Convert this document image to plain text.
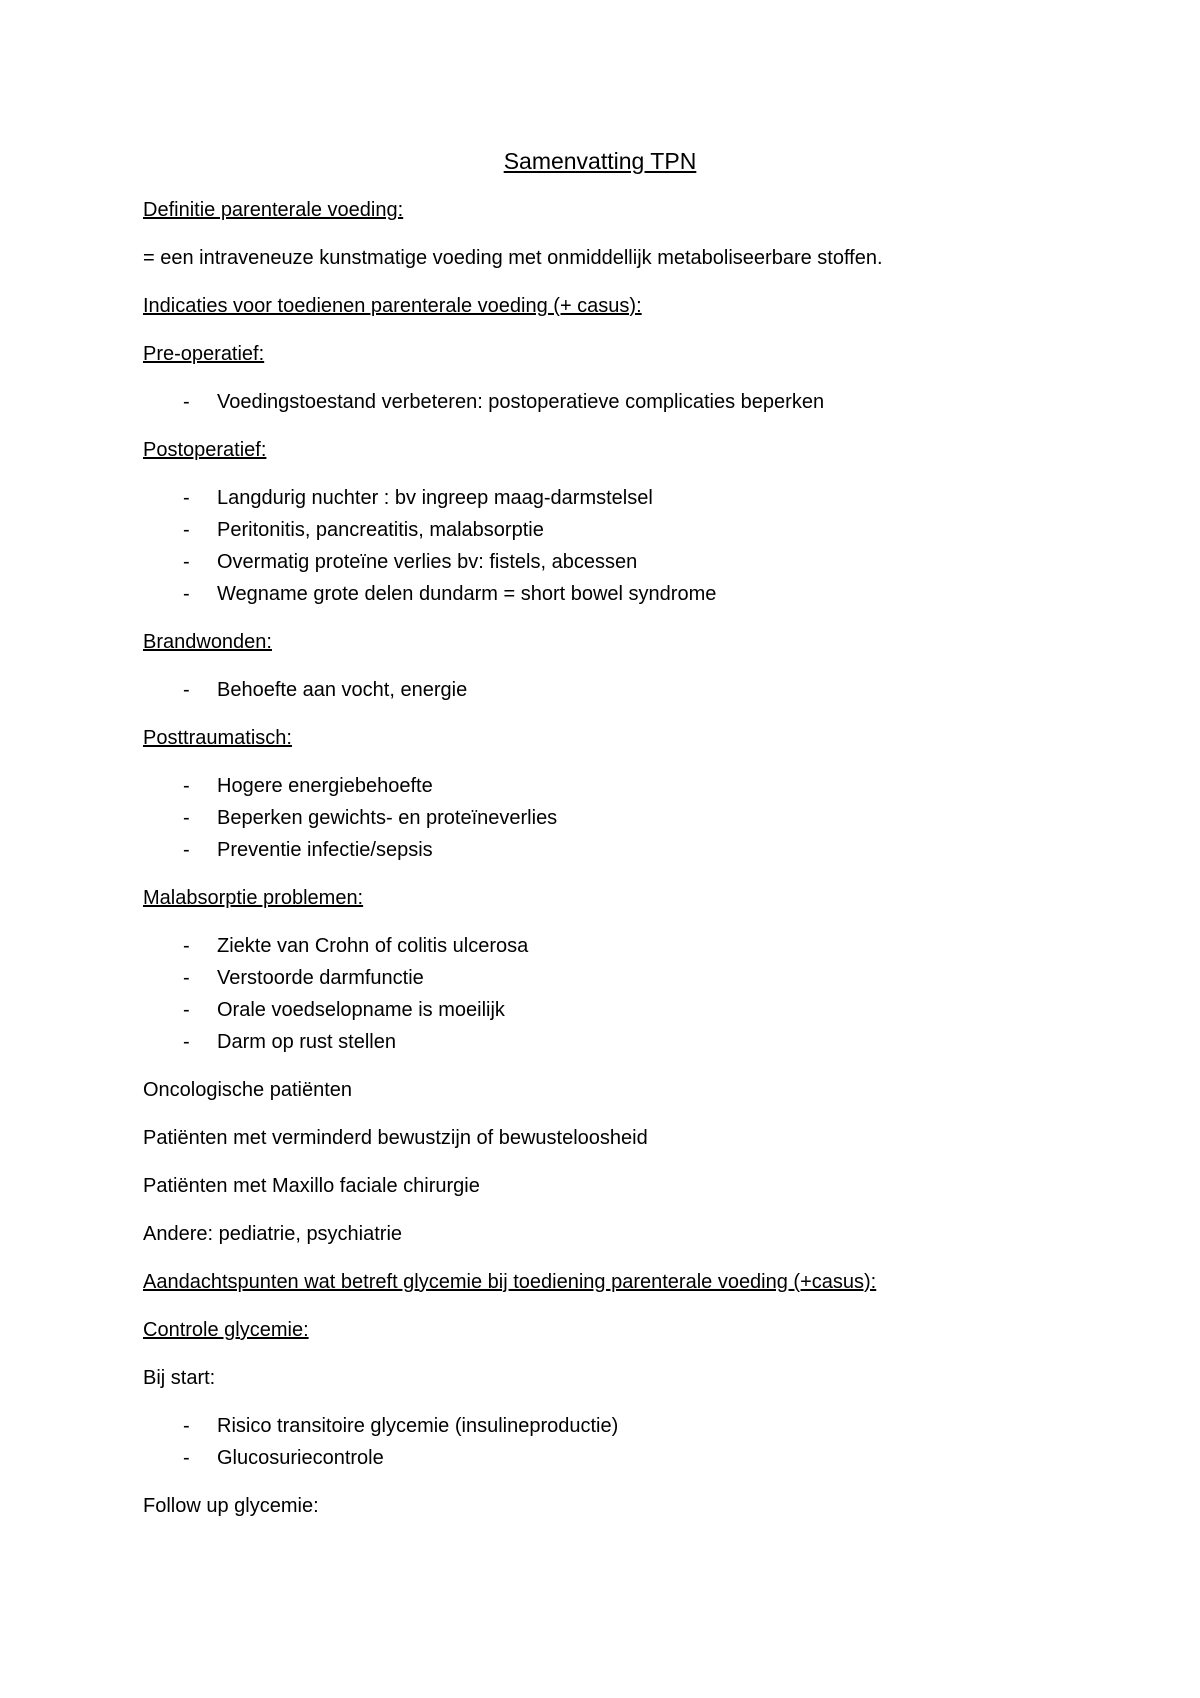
Samenvatting TPN
Definitie parenterale voeding:
= een intraveneuze kunstmatige voeding met onmiddellijk metaboliseerbare stoffen.
Indicaties voor toedienen parenterale voeding (+ casus):
Pre-operatief:
- Voedingstoestand verbeteren: postoperatieve complicaties beperken
Postoperatief:
- Langdurig nuchter : bv ingreep maag-darmstelsel
- Peritonitis, pancreatitis, malabsorptie
- Overmatig proteïne verlies bv: fistels, abcessen
- Wegname grote delen dundarm = short bowel syndrome
Brandwonden:
- Behoefte aan vocht, energie
Posttraumatisch:
- Hogere energiebehoefte
- Beperken gewichts- en proteïneverlies
- Preventie infectie/sepsis
Malabsorptie problemen:
- Ziekte van Crohn of colitis ulcerosa
- Verstoorde darmfunctie
- Orale voedselopname is moeilijk
- Darm op rust stellen
Oncologische patiënten
Patiënten met verminderd bewustzijn of bewusteloosheid
Patiënten met Maxillo faciale chirurgie
Andere: pediatrie, psychiatrie
Aandachtspunten wat betreft glycemie bij toediening parenterale voeding (+casus):
Controle glycemie:
Bij start:
- Risico transitoire glycemie (insulineproductie)
- Glucosuriecontrole
Follow up glycemie:
